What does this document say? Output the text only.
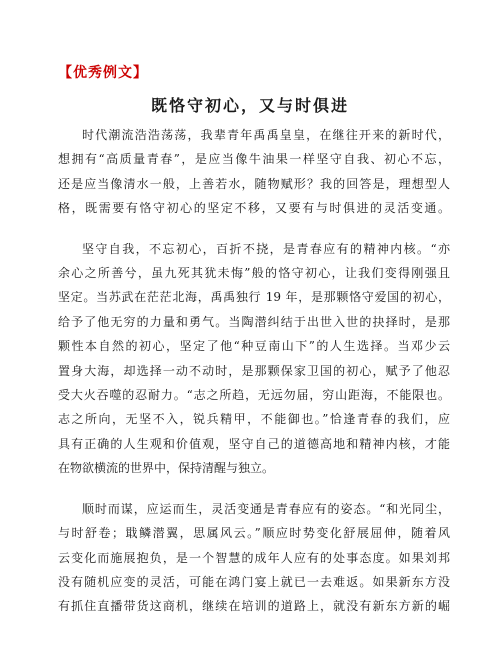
【优秀例文】
既恪守初心，又与时俱进

时代潮流浩浩荡荡，我辈青年禹禹皇皇，在继往开来的新时代，
想拥有“高质量青春”，是应当像牛油果一样坚守自我、初心不忘，
还是应当像清水一般，上善若水，随物赋形？我的回答是，理想型人
格，既需要有恪守初心的坚定不移，又要有与时俱进的灵活变通。

坚守自我，不忘初心，百折不挠，是青春应有的精神内核。“亦
余心之所善兮，虽九死其犹未悔”般的恪守初心，让我们变得刚强且
坚定。当苏武在茫茫北海，禹禹独行 19 年，是那颗恪守爱国的初心，
给予了他无穷的力量和勇气。当陶潜纠结于出世入世的抉择时，是那
颗性本自然的初心，坚定了他“种豆南山下”的人生选择。当邓少云
置身大海，却选择一动不动时，是那颗保家卫国的初心，赋予了他忍
受大火吞噬的忍耐力。“志之所趋，无远勿届，穷山距海，不能限也。
志之所向，无坚不入，锐兵精甲，不能御也。”恰逢青春的我们，应
具有正确的人生观和价值观，坚守自己的道德高地和精神内核，才能
在物欲横流的世界中，保持清醒与独立。

顺时而谋，应运而生，灵活变通是青春应有的姿态。“和光同尘，
与时舒卷；戢鳞潜翼，思属风云。”顺应时势变化舒展屈伸，随着风
云变化而施展抱负，是一个智慧的成年人应有的处事态度。如果刘邦
没有随机应变的灵活，可能在鸿门宴上就已一去难返。如果新东方没
有抓住直播带货这商机，继续在培训的道路上，就没有新东方新的崛
